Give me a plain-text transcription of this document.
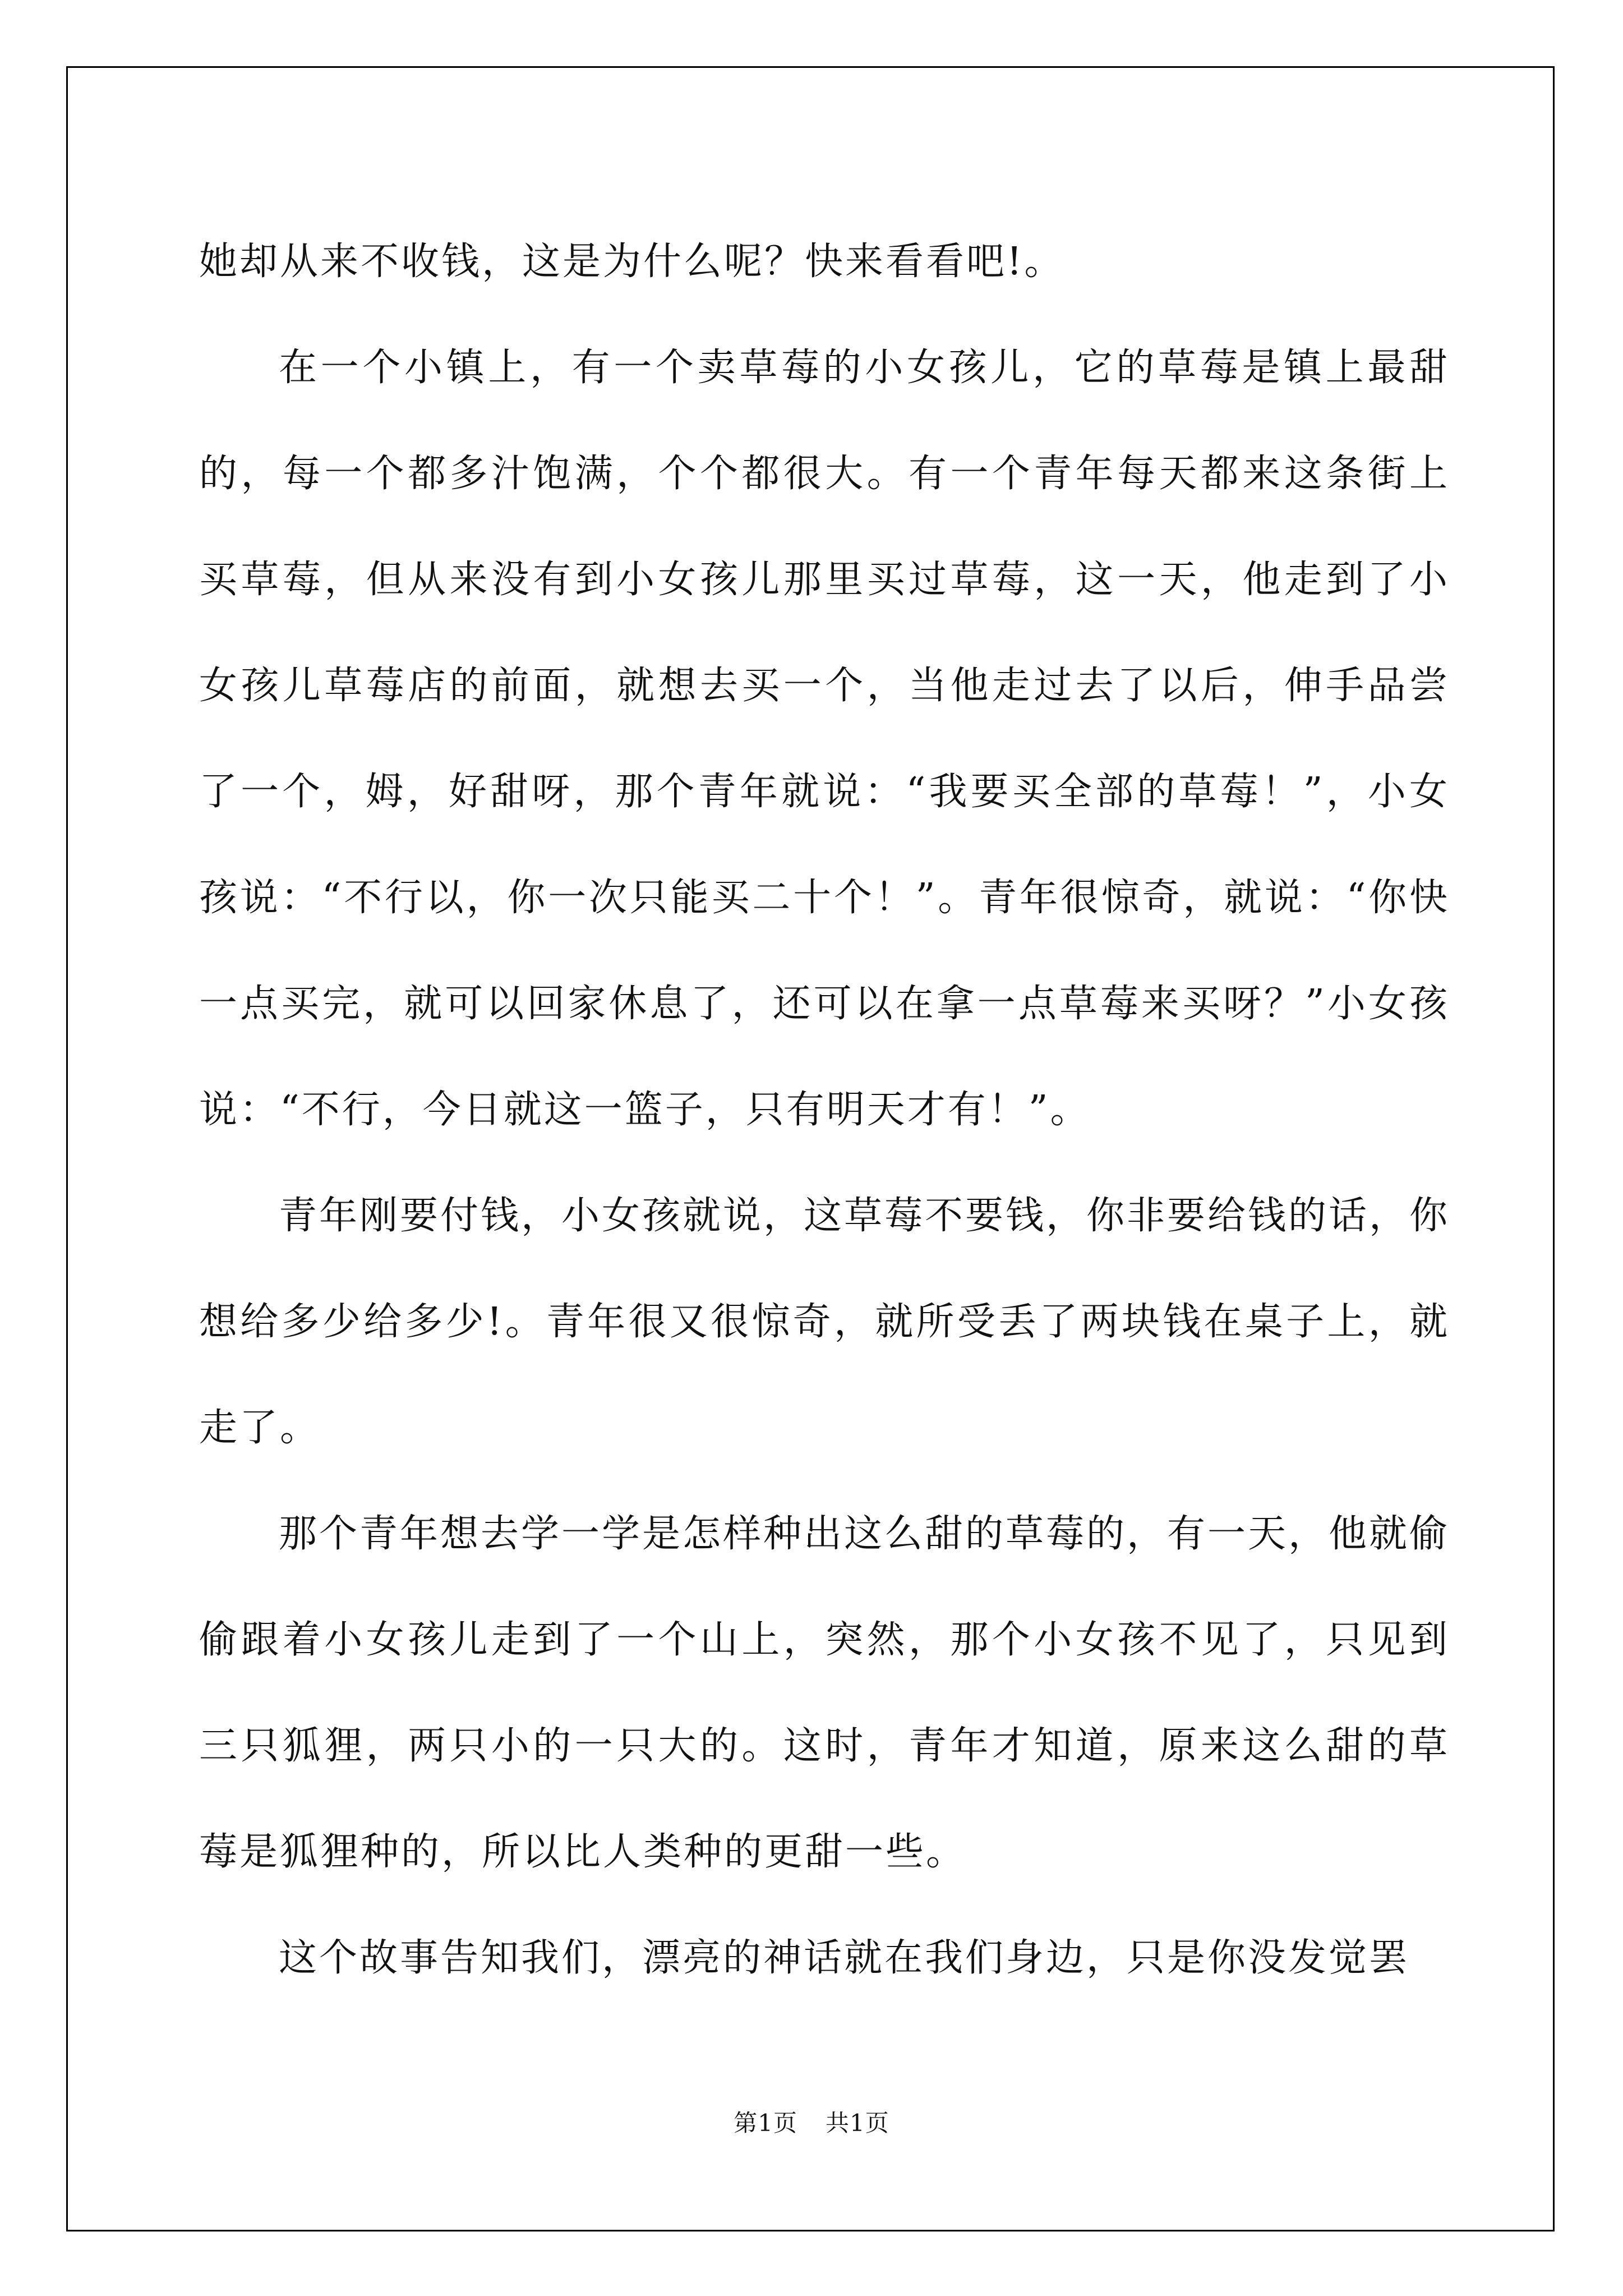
她却从来不收钱，这是为什么呢？快来看看吧!。

在一个小镇上，有一个卖草莓的小女孩儿，它的草莓是镇上最甜的，每一个都多汁饱满，个个都很大。有一个青年每天都来这条街上买草莓，但从来没有到小女孩儿那里买过草莓，这一天，他走到了小女孩儿草莓店的前面，就想去买一个，当他走过去了以后，伸手品尝了一个，姆，好甜呀，那个青年就说：“我要买全部的草莓！”，小女孩说：“不行以，你一次只能买二十个！”。青年很惊奇，就说：“你快一点买完，就可以回家休息了，还可以在拿一点草莓来买呀？”小女孩说：“不行，今日就这一篮子，只有明天才有！”。

青年刚要付钱，小女孩就说，这草莓不要钱，你非要给钱的话，你想给多少给多少!。青年很又很惊奇，就所受丢了两块钱在桌子上，就走了。

那个青年想去学一学是怎样种出这么甜的草莓的，有一天，他就偷偷跟着小女孩儿走到了一个山上，突然，那个小女孩不见了，只见到三只狐狸，两只小的一只大的。这时，青年才知道，原来这么甜的草莓是狐狸种的，所以比人类种的更甜一些。

这个故事告知我们，漂亮的神话就在我们身边，只是你没发觉罢

第1页 共1页
